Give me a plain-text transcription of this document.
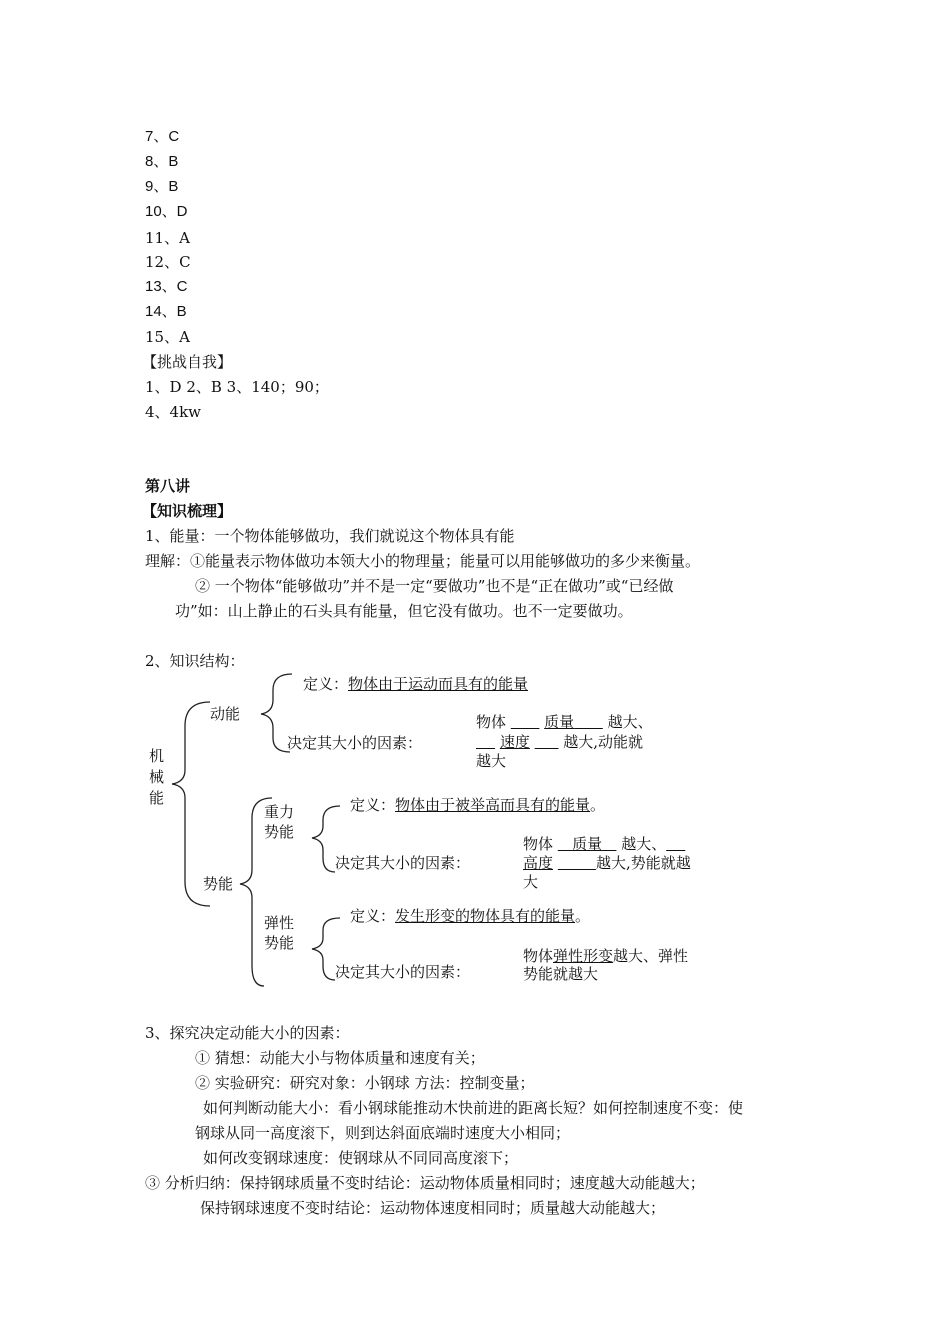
7、C
8、B
9、B
10、D
11、A
12、C
13、C
14、B
15、A
【挑战自我】
1、D 2、B 3、140；90；
4、4kw
第八讲
【知识梳理】
1、能量：一个物体能够做功，我们就说这个物体具有能
理解：①能量表示物体做功本领大小的物理量；能量可以用能够做功的多少来衡量。
② 一个物体“能够做功”并不是一定“要做功”也不是“正在做功”或“已经做
功”如：山上静止的石头具有能量，但它没有做功。也不一定要做功。
2、知识结构：
机
械
能
动能
定义：物体由于运动而具有的能量
决定其大小的因素：
物体        质量       越大、
速度       越大,动能就
越大
势能
重力
势能
定义：物体由于被举高而具有的能量。
决定其大小的因素：
物体    质量    越大、
高度	越大,势能就越
大
弹性
势能
定义：发生形变的物体具有的能量。
决定其大小的因素：
物体弹性形变越大、弹性
势能就越大
3、探究决定动能大小的因素：
① 猜想：动能大小与物体质量和速度有关；
② 实验研究：研究对象：小钢球 方法：控制变量；
如何判断动能大小：看小钢球能推动木快前进的距离长短？如何控制速度不变：使
钢球从同一高度滚下，则到达斜面底端时速度大小相同；
如何改变钢球速度：使钢球从不同同高度滚下；
③ 分析归纳：保持钢球质量不变时结论：运动物体质量相同时；速度越大动能越大；
保持钢球速度不变时结论：运动物体速度相同时；质量越大动能越大；
